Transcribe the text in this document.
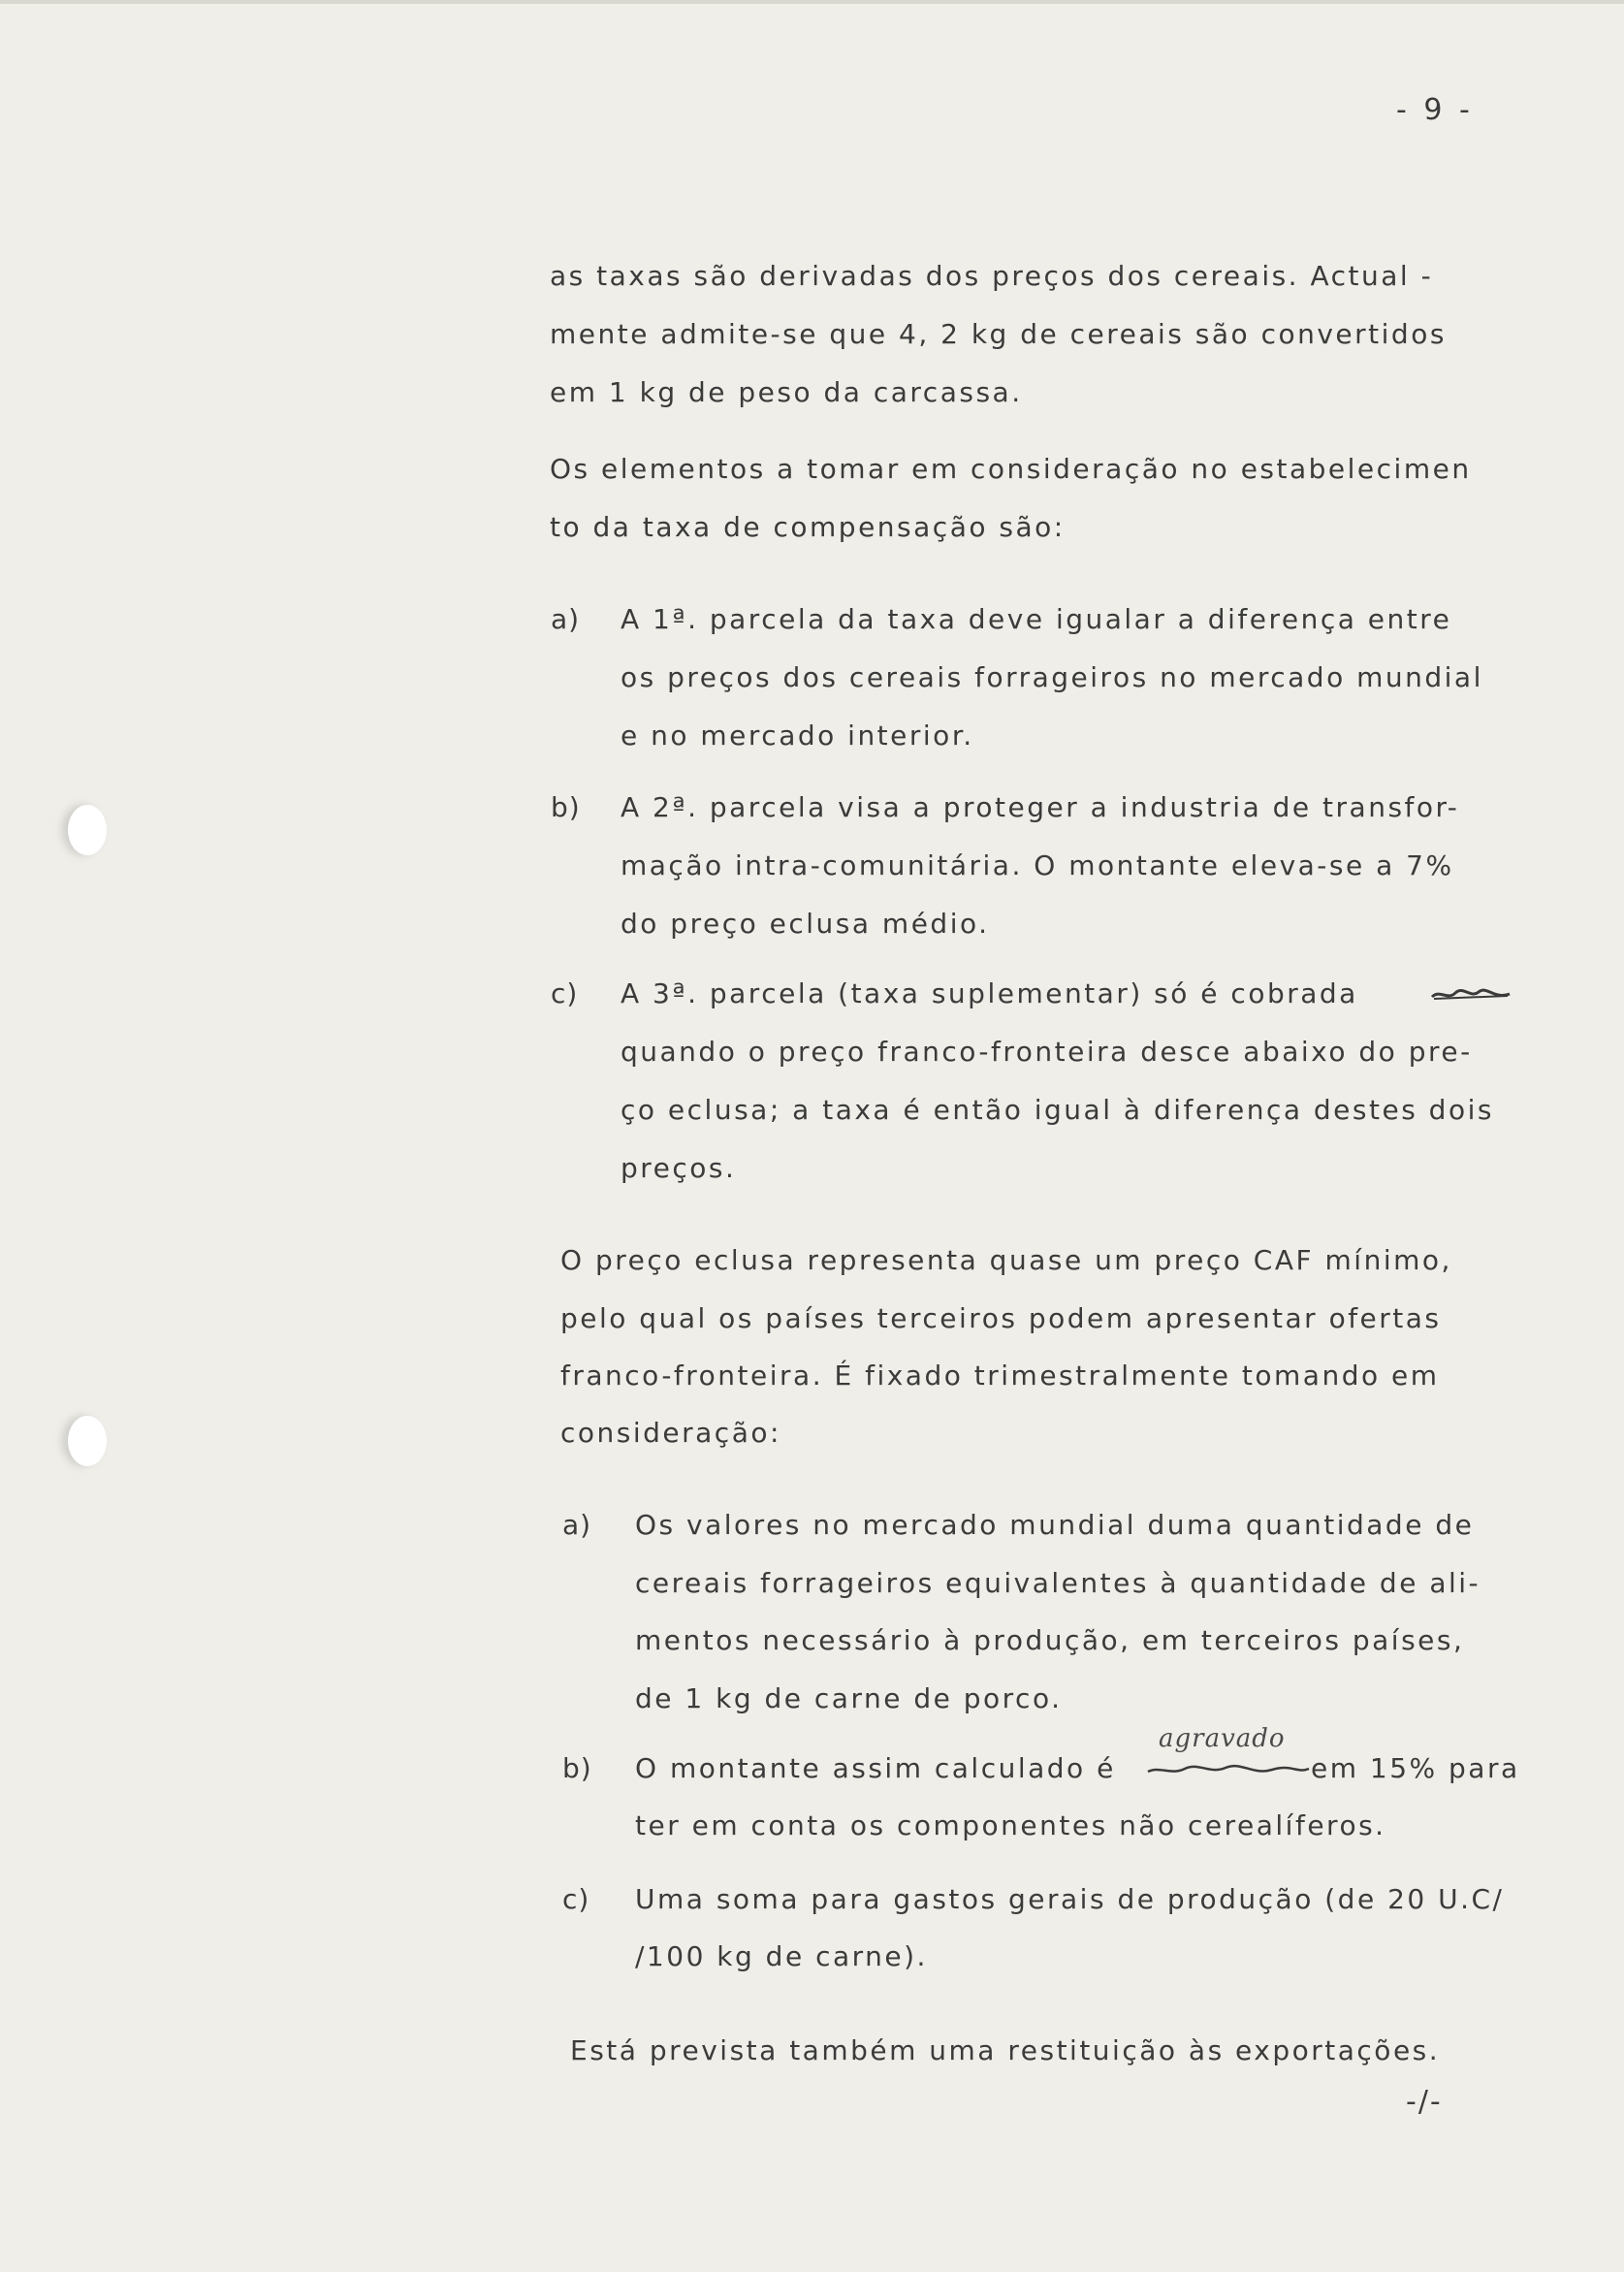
- 9 -
as taxas são derivadas dos preços dos cereais. Actual -
mente admite-se que 4, 2 kg de cereais são convertidos
em 1 kg de peso da carcassa.
Os elementos a tomar em consideração no estabelecimen
to da taxa de compensação são:
a) A 1ª. parcela da taxa deve igualar a diferença entre
os preços dos cereais forrageiros no mercado mundial
e no mercado interior.
b) A 2ª. parcela visa a proteger a industria de transfor-
mação intra-comunitária. O montante eleva-se a 7%
do preço eclusa médio.
c) A 3ª. parcela (taxa suplementar) só é cobrada
quando o preço franco-fronteira desce abaixo do pre-
ço eclusa; a taxa é então igual à diferença destes dois
preços.
O preço eclusa representa quase um preço CAF mínimo,
pelo qual os países terceiros podem apresentar ofertas
franco-fronteira. É fixado trimestralmente tomando em
consideração:
a) Os valores no mercado mundial duma quantidade de
cereais forrageiros equivalentes à quantidade de ali-
mentos necessário à produção, em terceiros países,
de 1 kg de carne de porco.
agravado
b) O montante assim calculado é	em 15% para
ter em conta os componentes não cerealíferos.
c) Uma soma para gastos gerais de produção (de 20 U.C/
/100 kg de carne).
Está prevista também uma restituição às exportações.
-/-
